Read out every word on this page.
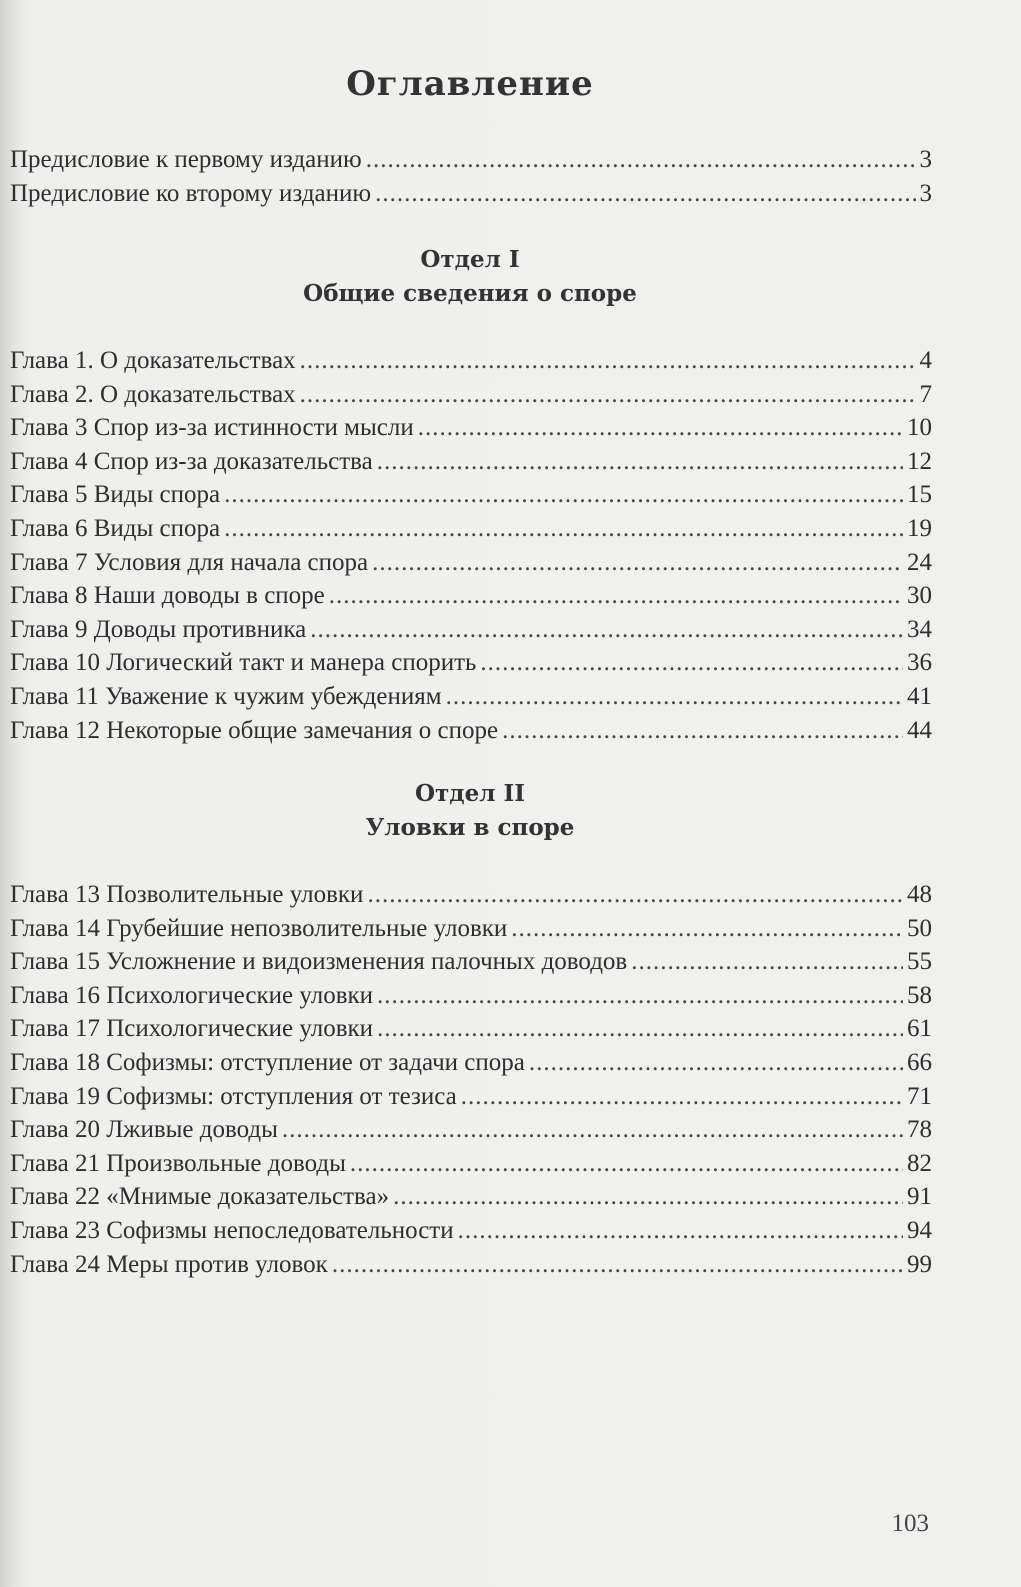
Оглавление
Предисловие к первому изданию .....	3
Предисловие ко второму изданию .....	3
Отдел I
Общие сведения о споре
Глава 1. О доказательствах .....	4
Глава 2. О доказательствах .....	7
Глава 3 Спор из-за истинности мысли .....	10
Глава 4 Спор из-за доказательства .....	12
Глава 5 Виды спора .....	15
Глава 6 Виды спора .....	19
Глава 7 Условия для начала спора .....	24
Глава 8 Наши доводы в споре .....	30
Глава 9 Доводы противника .....	34
Глава 10 Логический такт и манера спорить .....	36
Глава 11 Уважение к чужим убеждениям .....	41
Глава 12 Некоторые общие замечания о споре .....	44
Отдел II
Уловки в споре
Глава 13 Позволительные уловки .....	48
Глава 14 Грубейшие непозволительные уловки .....	50
Глава 15 Усложнение и видоизменения палочных доводов .....	55
Глава 16 Психологические уловки .....	58
Глава 17 Психологические уловки .....	61
Глава 18 Софизмы: отступление от задачи спора .....	66
Глава 19 Софизмы: отступления от тезиса .....	71
Глава 20 Лживые доводы .....	78
Глава 21 Произвольные доводы .....	82
Глава 22 «Мнимые доказательства» .....	91
Глава 23 Софизмы непоследовательности .....	94
Глава 24 Меры против уловок .....	99
103
